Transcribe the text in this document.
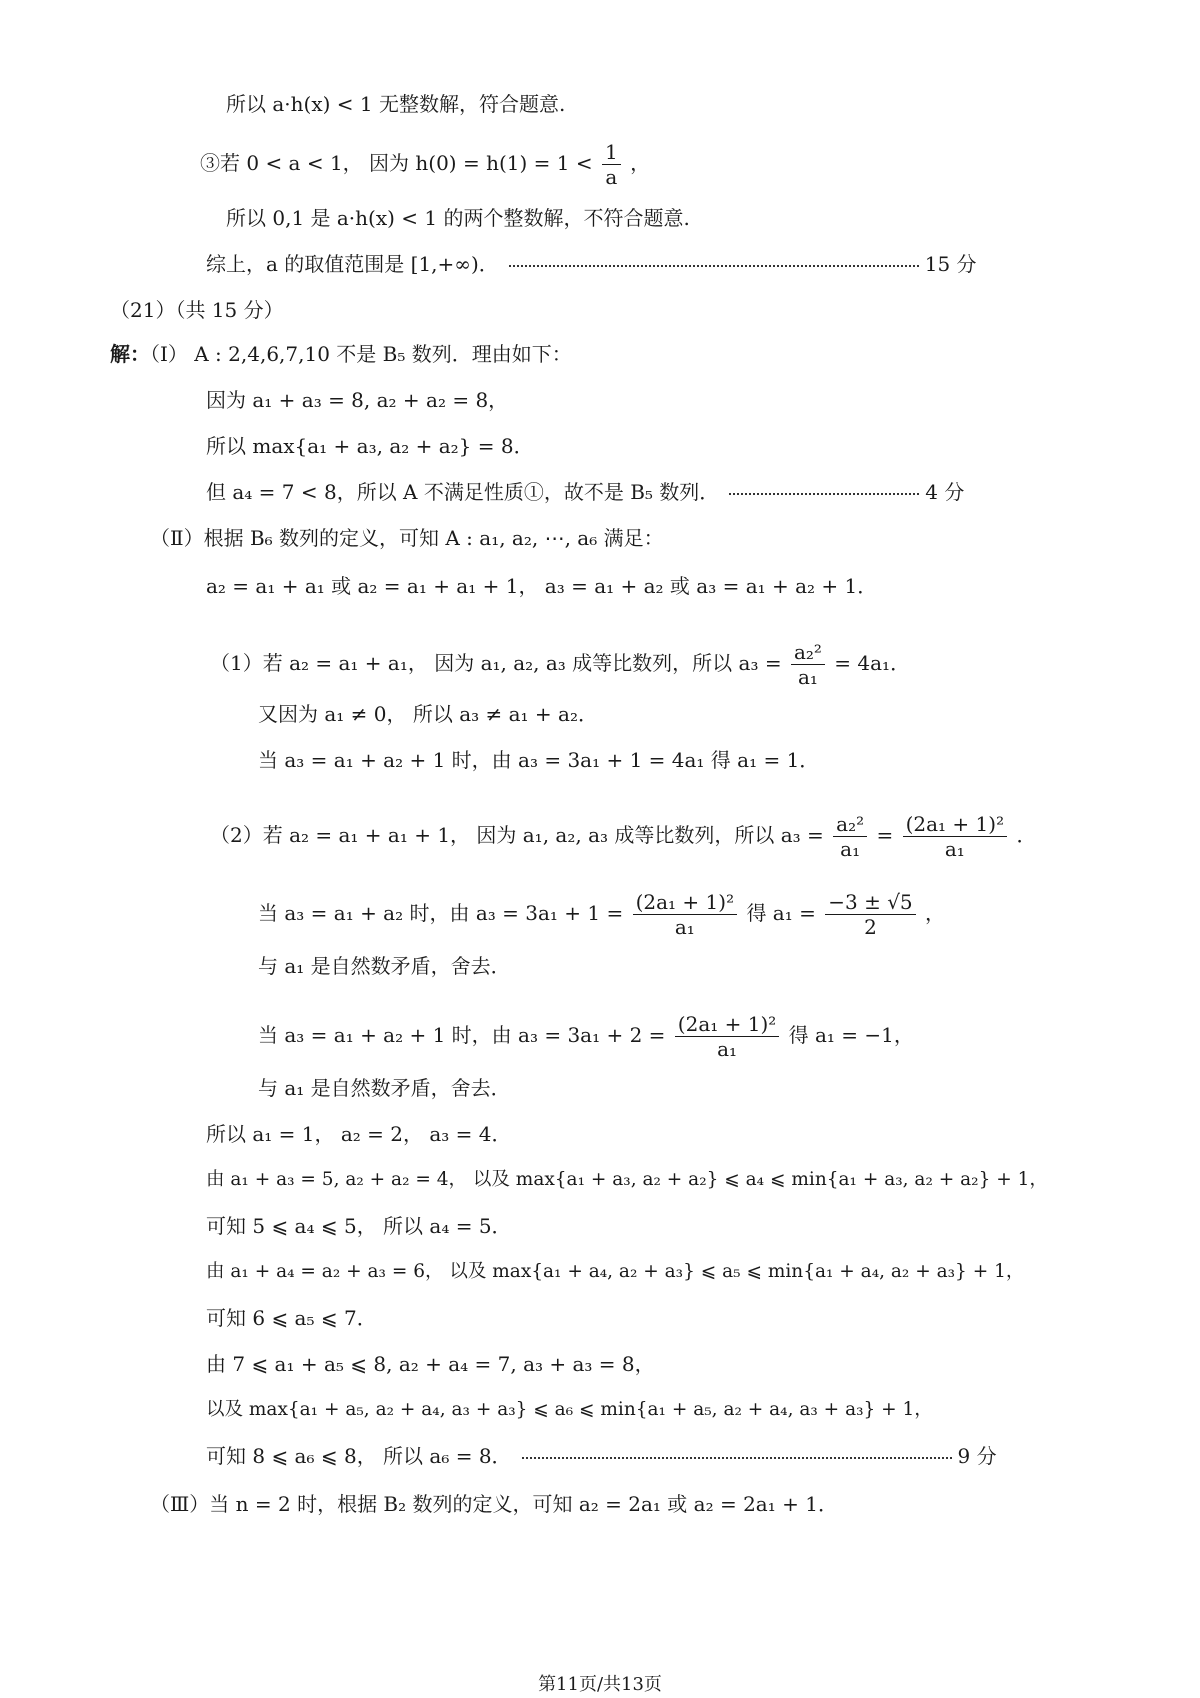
所以 a·h(x) < 1 无整数解，符合题意.
③若 0 < a < 1， 因为 $h(0) = h(1) = 1 < \frac{1}{a}$ ，
所以 0,1 是 a·h(x) < 1 的两个整数解，不符合题意.
综上，a 的取值范围是 [1,+∞)．	15 分
（21）（共 15 分）
解：（Ⅰ） A : 2,4,6,7,10 不是 B₅ 数列．理由如下：
因为 a₁ + a₃ = 8, a₂ + a₂ = 8，
所以 max{a₁ + a₃, a₂ + a₂} = 8．
但 a₄ = 7 < 8，所以 A 不满足性质①，故不是 B₅ 数列．	4 分
（Ⅱ）根据 B₆ 数列的定义，可知 A : a₁, a₂, ⋯, a₆ 满足：
a₂ = a₁ + a₁ 或 a₂ = a₁ + a₁ + 1， a₃ = a₁ + a₂ 或 a₃ = a₁ + a₂ + 1．
（1）若 a₂ = a₁ + a₁， 因为 a₁, a₂, a₃ 成等比数列，所以 $a_3 = \frac{\text{a₂²}}{\text{a₁}} = 4a_1$．
又因为 a₁ ≠ 0， 所以 a₃ ≠ a₁ + a₂．
当 a₃ = a₁ + a₂ + 1 时，由 a₃ = 3a₁ + 1 = 4a₁ 得 a₁ = 1．
（2）若 a₂ = a₁ + a₁ + 1， 因为 a₁, a₂, a₃ 成等比数列，所以 $a_3 = \frac{\text{a₂²}}{\text{a₁}} = \frac{\text{(2a₁ + 1)²}}{\text{a₁}}$ ．
当 a₃ = a₁ + a₂ 时，由 $a_3 = 3a_1 + 1 = \frac{\text{(2a₁ + 1)²}}{\text{a₁}}$ 得 $a_1 = \frac{-3 \pm √5}{2}$ ，
与 a₁ 是自然数矛盾，舍去．
当 a₃ = a₁ + a₂ + 1 时，由 $a_3 = 3a_1 + 2 = \frac{\text{(2a₁ + 1)²}}{\text{a₁}}$ 得 a₁ = −1，
与 a₁ 是自然数矛盾，舍去．
所以 a₁ = 1， a₂ = 2， a₃ = 4．
由 a₁ + a₃ = 5, a₂ + a₂ = 4， 以及 max{a₁ + a₃, a₂ + a₂} ⩽ a₄ ⩽ min{a₁ + a₃, a₂ + a₂} + 1，
可知 5 ⩽ a₄ ⩽ 5， 所以 a₄ = 5．
由 a₁ + a₄ = a₂ + a₃ = 6， 以及 max{a₁ + a₄, a₂ + a₃} ⩽ a₅ ⩽ min{a₁ + a₄, a₂ + a₃} + 1，
可知 6 ⩽ a₅ ⩽ 7．
由 7 ⩽ a₁ + a₅ ⩽ 8, a₂ + a₄ = 7, a₃ + a₃ = 8，
以及 max{a₁ + a₅, a₂ + a₄, a₃ + a₃} ⩽ a₆ ⩽ min{a₁ + a₅, a₂ + a₄, a₃ + a₃} + 1，
可知 8 ⩽ a₆ ⩽ 8， 所以 a₆ = 8．	9 分
（Ⅲ）当 n = 2 时，根据 B₂ 数列的定义，可知 a₂ = 2a₁ 或 a₂ = 2a₁ + 1．
第11页/共13页
